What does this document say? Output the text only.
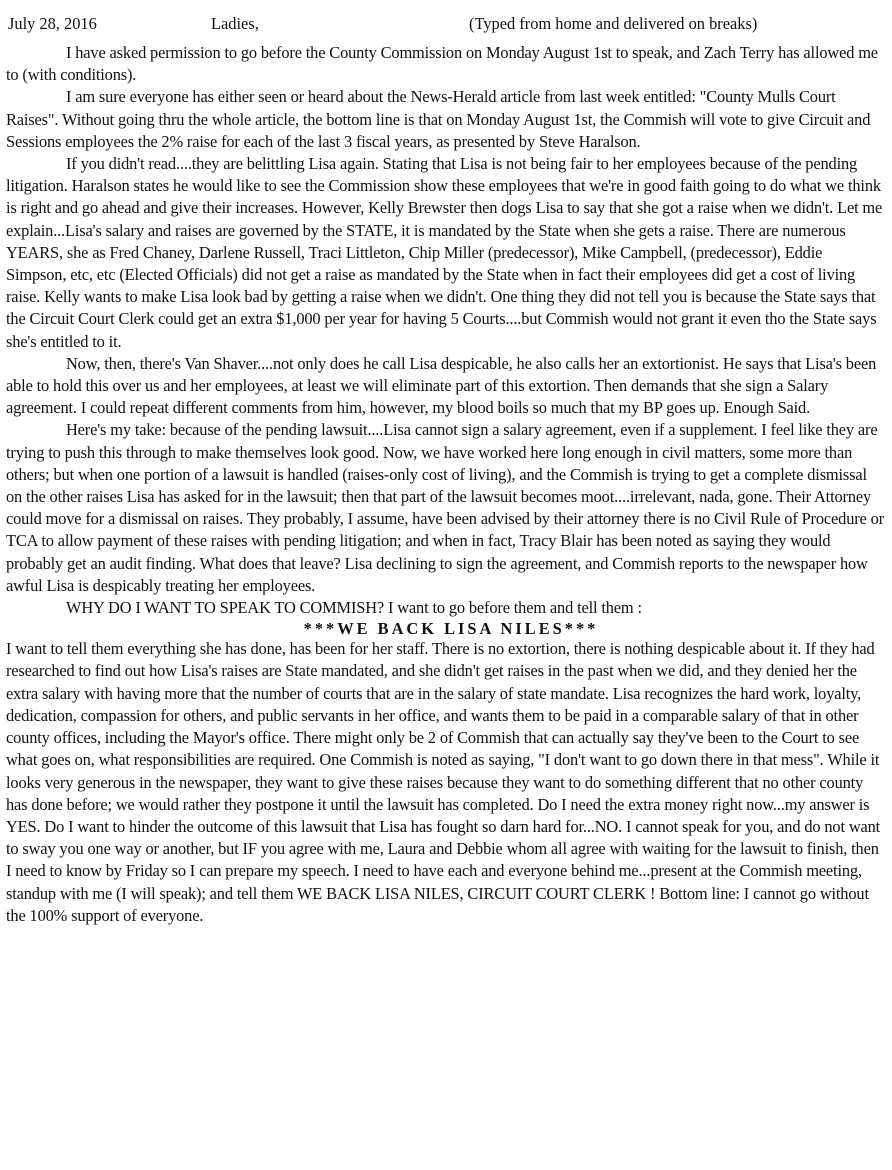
July 28, 2016	Ladies,	(Typed from home and delivered on breaks)

I have asked permission to go before the County Commission on Monday August 1st to speak, and Zach Terry has allowed me to (with conditions).

I am sure everyone has either seen or heard about the News-Herald article from last week entitled: "County Mulls Court Raises". Without going thru the whole article, the bottom line is that on Monday August 1st, the Commish will vote to give Circuit and Sessions employees the 2% raise for each of the last 3 fiscal years, as presented by Steve Haralson.

If you didn't read....they are belittling Lisa again. Stating that Lisa is not being fair to her employees because of the pending litigation. Haralson states he would like to see the Commission show these employees that we're in good faith going to do what we think is right and go ahead and give their increases. However, Kelly Brewster then dogs Lisa to say that she got a raise when we didn't. Let me explain...Lisa's salary and raises are governed by the STATE, it is mandated by the State when she gets a raise. There are numerous YEARS, she as Fred Chaney, Darlene Russell, Traci Littleton, Chip Miller (predecessor), Mike Campbell, (predecessor), Eddie Simpson, etc, etc (Elected Officials) did not get a raise as mandated by the State when in fact their employees did get a cost of living raise. Kelly wants to make Lisa look bad by getting a raise when we didn't. One thing they did not tell you is because the State says that the Circuit Court Clerk could get an extra $1,000 per year for having 5 Courts....but Commish would not grant it even tho the State says she's entitled to it.

Now, then, there's Van Shaver....not only does he call Lisa despicable, he also calls her an extortionist. He says that Lisa's been able to hold this over us and her employees, at least we will eliminate part of this extortion. Then demands that she sign a Salary agreement. I could repeat different comments from him, however, my blood boils so much that my BP goes up. Enough Said.

Here's my take: because of the pending lawsuit....Lisa cannot sign a salary agreement, even if a supplement. I feel like they are trying to push this through to make themselves look good. Now, we have worked here long enough in civil matters, some more than others; but when one portion of a lawsuit is handled (raises-only cost of living), and the Commish is trying to get a complete dismissal on the other raises Lisa has asked for in the lawsuit; then that part of the lawsuit becomes moot....irrelevant, nada, gone. Their Attorney could move for a dismissal on raises. They probably, I assume, have been advised by their attorney there is no Civil Rule of Procedure or TCA to allow payment of these raises with pending litigation; and when in fact, Tracy Blair has been noted as saying they would probably get an audit finding. What does that leave? Lisa declining to sign the agreement, and Commish reports to the newspaper how awful Lisa is despicably treating her employees.

WHY DO I WANT TO SPEAK TO COMMISH? I want to go before them and tell them :

***WE BACK LISA NILES***

I want to tell them everything she has done, has been for her staff. There is no extortion, there is nothing despicable about it. If they had researched to find out how Lisa's raises are State mandated, and she didn't get raises in the past when we did, and they denied her the extra salary with having more that the number of courts that are in the salary of state mandate. Lisa recognizes the hard work, loyalty, dedication, compassion for others, and public servants in her office, and wants them to be paid in a comparable salary of that in other county offices, including the Mayor's office. There might only be 2 of Commish that can actually say they've been to the Court to see what goes on, what responsibilities are required. One Commish is noted as saying, "I don't want to go down there in that mess". While it looks very generous in the newspaper, they want to give these raises because they want to do something different that no other county has done before; we would rather they postpone it until the lawsuit has completed. Do I need the extra money right now...my answer is YES. Do I want to hinder the outcome of this lawsuit that Lisa has fought so darn hard for...NO. I cannot speak for you, and do not want to sway you one way or another, but IF you agree with me, Laura and Debbie whom all agree with waiting for the lawsuit to finish, then I need to know by Friday so I can prepare my speech. I need to have each and everyone behind me...present at the Commish meeting, standup with me (I will speak); and tell them WE BACK LISA NILES, CIRCUIT COURT CLERK ! Bottom line: I cannot go without the 100% support of everyone.
